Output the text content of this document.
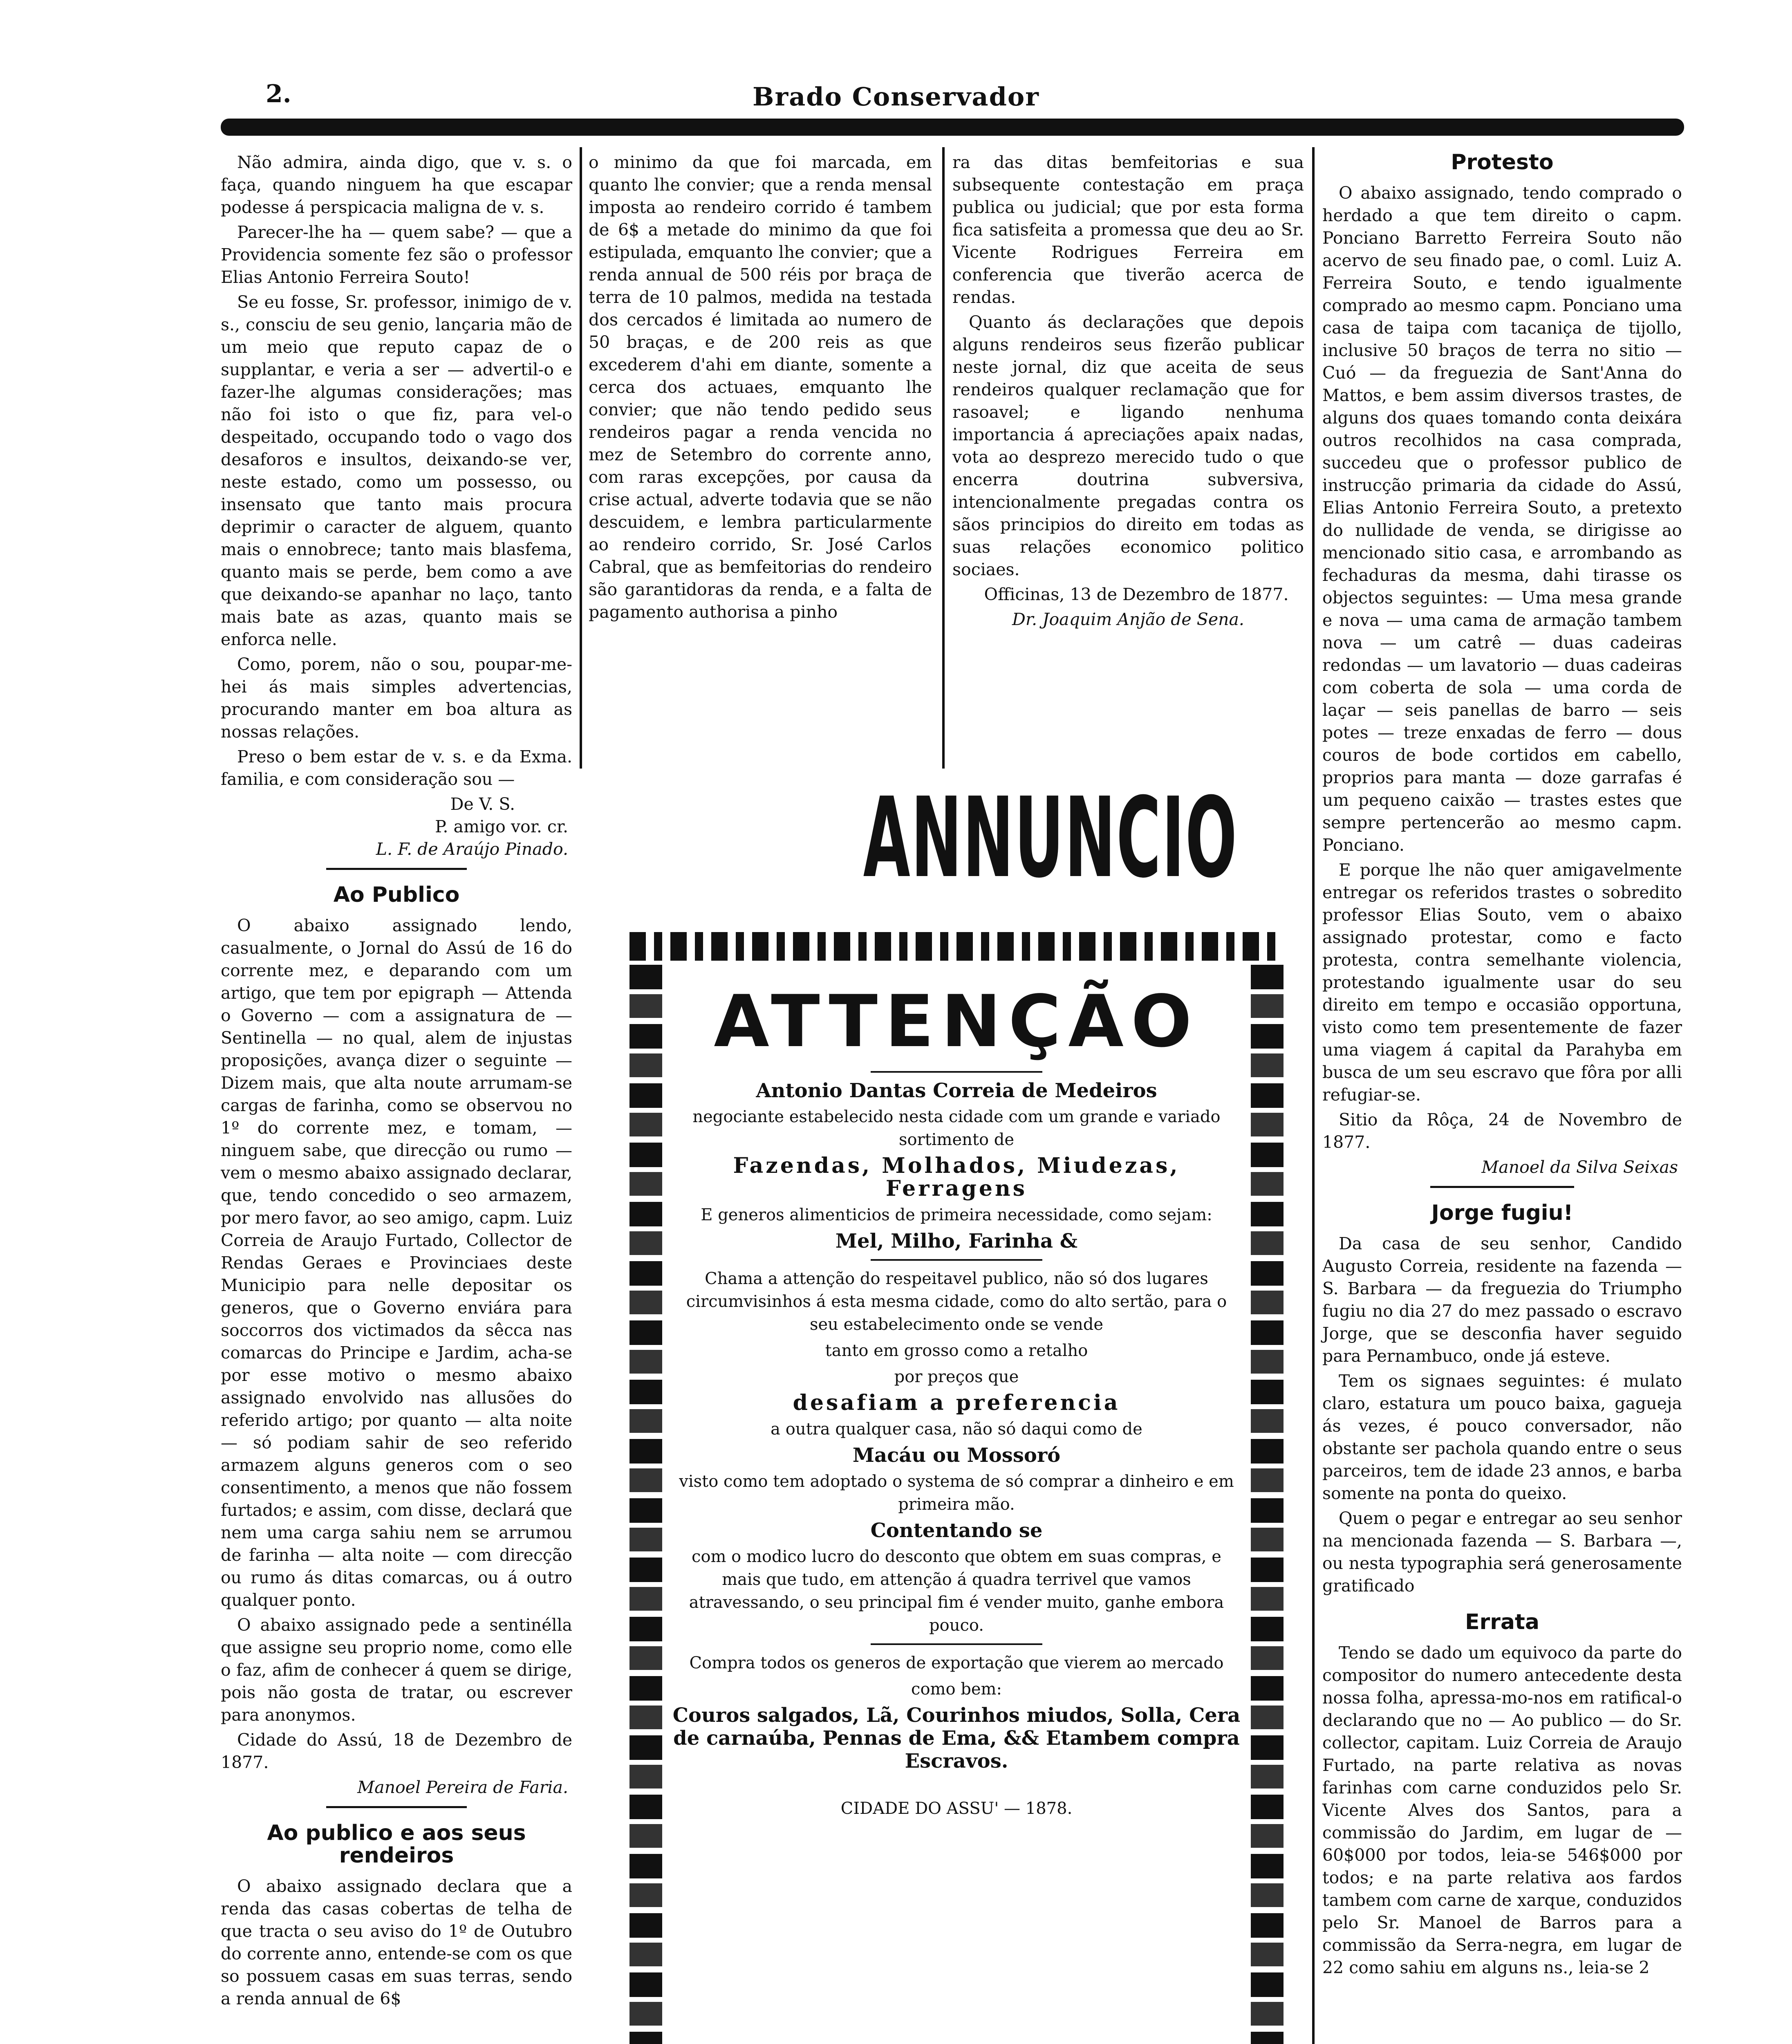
2.	Brado Conservador

Não admira, ainda digo, que v. s. o faça, quando ninguem ha que escapar podesse á perspicacia maligna de v. s.

Parecer-lhe ha — quem sabe? — que a Providencia somente fez são o professor Elias Antonio Ferreira Souto!

Se eu fosse, Sr. professor, inimigo de v. s., consciu de seu genio, lançaria mão de um meio que reputo capaz de o supplantar, e veria a ser — advertil-o e fazer-lhe algumas considerações; mas não foi isto o que fiz, para vel-o despeitado, occupando todo o vago dos desaforos e insultos, deixando-se ver, neste estado, como um possesso, ou insensato que tanto mais procura deprimir o caracter de alguem, quanto mais o ennobrece; tanto mais blasfema, quanto mais se perde, bem como a ave que deixando-se apanhar no laço, tanto mais bate as azas, quanto mais se enforca nelle.

Como, porem, não o sou, poupar-me-hei ás mais simples advertencias, procurando manter em boa altura as nossas relações.

Preso o bem estar de v. s. e da Exma. familia, e com consideração sou —

De V. S.
P. amigo vor. cr.
L. F. de Araújo Pinado.
Ao Publico

O abaixo assignado lendo, casualmente, o Jornal do Assú de 16 do corrente mez, e deparando com um artigo, que tem por epigraph — Attenda o Governo — com a assignatura de — Sentinella — no qual, alem de injustas proposições, avança dizer o seguinte — Dizem mais, que alta noute arrumam-se cargas de farinha, como se observou no 1º do corrente mez, e tomam, — ninguem sabe, que direcção ou rumo — vem o mesmo abaixo assignado declarar, que, tendo concedido o seo armazem, por mero favor, ao seo amigo, capm. Luiz Correia de Araujo Furtado, Collector de Rendas Geraes e Provinciaes deste Municipio para nelle depositar os generos, que o Governo enviára para soccorros dos victimados da sêcca nas comarcas do Principe e Jardim, acha-se por esse motivo o mesmo abaixo assignado envolvido nas allusões do referido artigo; por quanto — alta noite — só podiam sahir de seo referido armazem alguns generos com o seo consentimento, a menos que não fossem furtados; e assim, com disse, declará que nem uma carga sahiu nem se arrumou de farinha — alta noite — com direcção ou rumo ás ditas comarcas, ou á outro qualquer ponto.

O abaixo assignado pede a sentinélla que assigne seu proprio nome, como elle o faz, afim de conhecer á quem se dirige, pois não gosta de tratar, ou escrever para anonymos.

Cidade do Assú, 18 de Dezembro de 1877.

Manoel Pereira de Faria.
Ao publico e aos seus rendeiros

O abaixo assignado declara que a renda das casas cobertas de telha de que tracta o seu aviso do 1º de Outubro do corrente anno, entende-se com os que so possuem casas em suas terras, sendo a renda annual de 6$

o minimo da que foi marcada, em quanto lhe convier; que a renda mensal imposta ao rendeiro corrido é tambem de 6$ a metade do minimo da que foi estipulada, emquanto lhe convier; que a renda annual de 500 réis por braça de terra de 10 palmos, medida na testada dos cercados é limitada ao numero de 50 braças, e de 200 reis as que excederem d'ahi em diante, somente a cerca dos actuaes, emquanto lhe convier; que não tendo pedido seus rendeiros pagar a renda vencida no mez de Setembro do corrente anno, com raras excepções, por causa da crise actual, adverte todavia que se não descuidem, e lembra particularmente ao rendeiro corrido, Sr. José Carlos Cabral, que as bemfeitorias do rendeiro são garantidoras da renda, e a falta de pagamento authorisa a pinho

ra das ditas bemfeitorias e sua subsequente contestação em praça publica ou judicial; que por esta forma fica satisfeita a promessa que deu ao Sr. Vicente Rodrigues Ferreira em conferencia que tiverão acerca de rendas.

Quanto ás declarações que depois alguns rendeiros seus fizerão publicar neste jornal, diz que aceita de seus rendeiros qualquer reclamação que for rasoavel; e ligando nenhuma importancia á apreciações apaix nadas, vota ao desprezo merecido tudo o que encerra doutrina subversiva, intencionalmente pregadas contra os sãos principios do direito em todas as suas relações economico politico sociaes.

Officinas, 13 de Dezembro de 1877.

Dr. Joaquim Anjão de Sena.
ANNUNCIO
ATTENÇÃO

Antonio Dantas Correia de Medeiros

negociante estabelecido nesta cidade com um grande e variado sortimento de

Fazendas, Molhados, Miudezas, Ferragens

E generos alimenticios de primeira necessidade, como sejam:

Mel, Milho, Farinha &

Chama a attenção do respeitavel publico, não só dos lugares circumvisinhos á esta mesma cidade, como do alto sertão, para o seu estabelecimento onde se vende

tanto em grosso como a retalho

por preços que

desafiam a preferencia

a outra qualquer casa, não só daqui como de

Macáu ou Mossoró

visto como tem adoptado o systema de só comprar a dinheiro e em primeira mão.

Contentando se

com o modico lucro do desconto que obtem em suas compras, e mais que tudo, em attenção á quadra terrivel que vamos atravessando, o seu principal fim é vender muito, ganhe embora pouco.

Compra todos os generos de exportação que vierem ao mercado

como bem:

Couros salgados, Lã, Courinhos miudos, Solla, Cera de carnaúba, Pennas de Ema, && Etambem compra Escravos.

CIDADE DO ASSU' — 1878.

Protesto

O abaixo assignado, tendo comprado o herdado a que tem direito o capm. Ponciano Barretto Ferreira Souto não acervo de seu finado pae, o coml. Luiz A. Ferreira Souto, e tendo igualmente comprado ao mesmo capm. Ponciano uma casa de taipa com tacaniça de tijollo, inclusive 50 braços de terra no sitio — Cuó — da freguezia de Sant'Anna do Mattos, e bem assim diversos trastes, de alguns dos quaes tomando conta deixára outros recolhidos na casa comprada, succedeu que o professor publico de instrucção primaria da cidade do Assú, Elias Antonio Ferreira Souto, a pretexto do nullidade de venda, se dirigisse ao mencionado sitio casa, e arrombando as fechaduras da mesma, dahi tirasse os objectos seguintes: — Uma mesa grande e nova — uma cama de armação tambem nova — um catrê — duas cadeiras redondas — um lavatorio — duas cadeiras com coberta de sola — uma corda de laçar — seis panellas de barro — seis potes — treze enxadas de ferro — dous couros de bode cortidos em cabello, proprios para manta — doze garrafas é um pequeno caixão — trastes estes que sempre pertencerão ao mesmo capm. Ponciano.

E porque lhe não quer amigavelmente entregar os referidos trastes o sobredito professor Elias Souto, vem o abaixo assignado protestar, como e facto protesta, contra semelhante violencia, protestando igualmente usar do seu direito em tempo e occasião opportuna, visto como tem presentemente de fazer uma viagem á capital da Parahyba em busca de um seu escravo que fôra por alli refugiar-se.

Sitio da Rôça, 24 de Novembro de 1877.

Manoel da Silva Seixas
Jorge fugiu!

Da casa de seu senhor, Candido Augusto Correia, residente na fazenda — S. Barbara — da freguezia do Triumpho fugiu no dia 27 do mez passado o escravo Jorge, que se desconfia haver seguido para Pernambuco, onde já esteve.

Tem os signaes seguintes: é mulato claro, estatura um pouco baixa, gagueja ás vezes, é pouco conversador, não obstante ser pachola quando entre o seus parceiros, tem de idade 23 annos, e barba somente na ponta do queixo.

Quem o pegar e entregar ao seu senhor na mencionada fazenda — S. Barbara —, ou nesta typographia será generosamente gratificado

Errata

Tendo se dado um equivoco da parte do compositor do numero antecedente desta nossa folha, apressa-mo-nos em ratifical-o declarando que no — Ao publico — do Sr. collector, capitam. Luiz Correia de Araujo Furtado, na parte relativa as novas farinhas com carne conduzidos pelo Sr. Vicente Alves dos Santos, para a commissão do Jardim, em lugar de — 60$000 por todos, leia-se 546$000 por todos; e na parte relativa aos fardos tambem com carne de xarque, conduzidos pelo Sr. Manoel de Barros para a commissão da Serra-negra, em lugar de 22 como sahiu em alguns ns., leia-se 2
